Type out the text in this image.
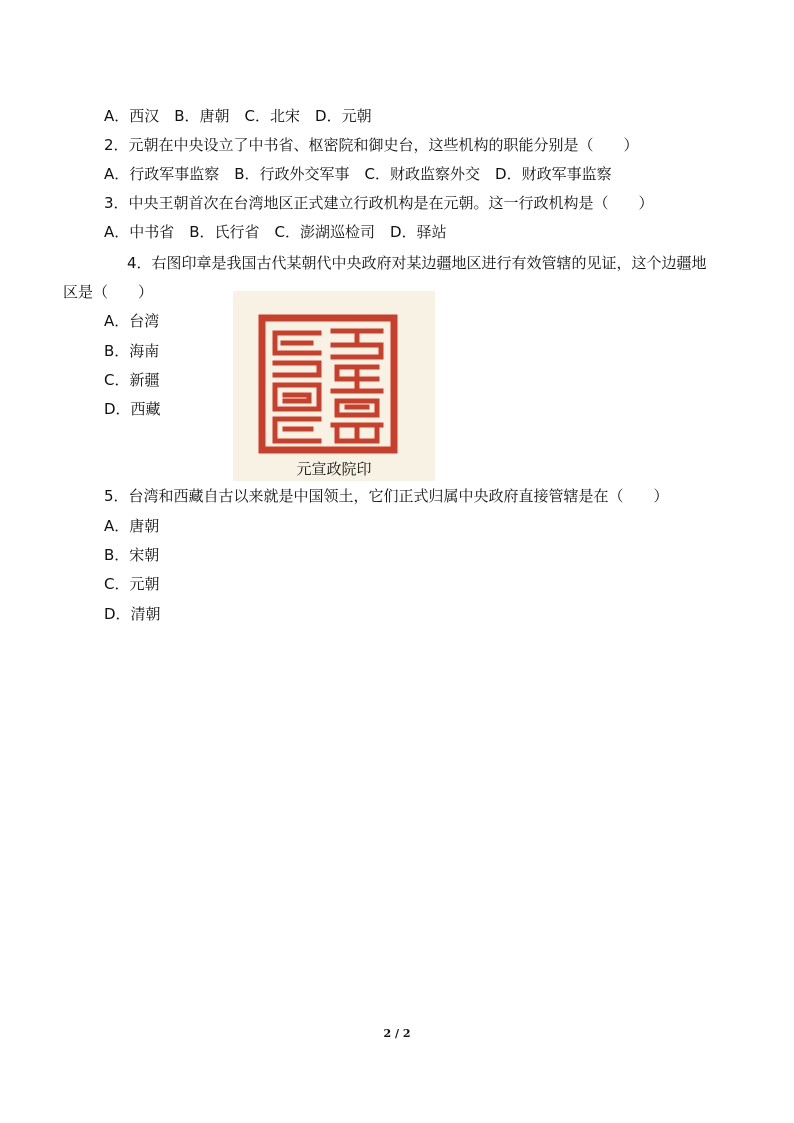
A．西汉　B．唐朝　C．北宋　D．元朝
2．元朝在中央设立了中书省、枢密院和御史台，这些机构的职能分别是（　　）
A．行政军事监察　B．行政外交军事　C．财政监察外交　D．财政军事监察
3．中央王朝首次在台湾地区正式建立行政机构是在元朝。这一行政机构是（　　）
A．中书省　B．氏行省　C．澎湖巡检司　D．驿站
4．右图印章是我国古代某朝代中央政府对某边疆地区进行有效管辖的见证，这个边疆地
区是（　　）
A．台湾
B．海南
C．新疆
D．西藏
元宣政院印
5．台湾和西藏自古以来就是中国领土，它们正式归属中央政府直接管辖是在（　　）
A．唐朝
B．宋朝
C．元朝
D．清朝
2 / 2
